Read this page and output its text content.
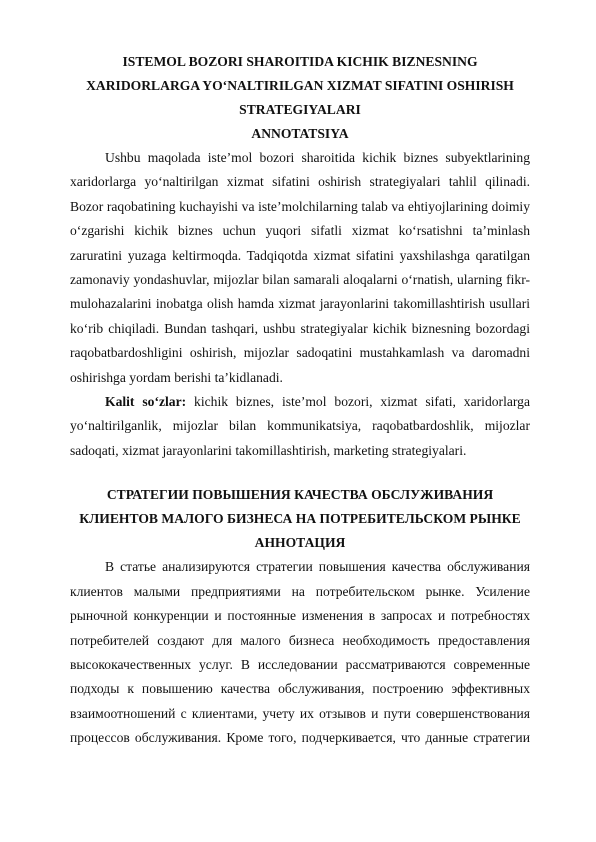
ISTEMOL BOZORI SHAROITIDA KICHIK BIZNESNING
XARIDORLARGA YO‘NALTIRILGAN XIZMAT SIFATINI OSHIRISH
STRATEGIYALARI
ANNOTATSIYA
Ushbu maqolada iste’mol bozori sharoitida kichik biznes subyektlarining
xaridorlarga yo‘naltirilgan xizmat sifatini oshirish strategiyalari tahlil qilinadi.
Bozor raqobatining kuchayishi va iste’molchilarning talab va ehtiyojlarining doimiy
o‘zgarishi kichik biznes uchun yuqori sifatli xizmat ko‘rsatishni ta’minlash
zaruratini yuzaga keltirmoqda. Tadqiqotda xizmat sifatini yaxshilashga qaratilgan
zamonaviy yondashuvlar, mijozlar bilan samarali aloqalarni o‘rnatish, ularning fikr-
mulohazalarini inobatga olish hamda xizmat jarayonlarini takomillashtirish usullari
ko‘rib chiqiladi. Bundan tashqari, ushbu strategiyalar kichik biznesning bozordagi
raqobatbardoshligini oshirish, mijozlar sadoqatini mustahkamlash va daromadni
oshirishga yordam berishi ta’kidlanadi.
Kalit so‘zlar: kichik biznes, iste’mol bozori, xizmat sifati, xaridorlarga
yo‘naltirilganlik, mijozlar bilan kommunikatsiya, raqobatbardoshlik, mijozlar
sadoqati, xizmat jarayonlarini takomillashtirish, marketing strategiyalari.
СТРАТЕГИИ ПОВЫШЕНИЯ КАЧЕСТВА ОБСЛУЖИВАНИЯ
КЛИЕНТОВ МАЛОГО БИЗНЕСА НА ПОТРЕБИТЕЛЬСКОМ РЫНКЕ
АННОТАЦИЯ
В статье анализируются стратегии повышения качества обслуживания
клиентов малыми предприятиями на потребительском рынке. Усиление
рыночной конкуренции и постоянные изменения в запросах и потребностях
потребителей создают для малого бизнеса необходимость предоставления
высококачественных услуг. В исследовании рассматриваются современные
подходы к повышению качества обслуживания, построению эффективных
взаимоотношений с клиентами, учету их отзывов и пути совершенствования
процессов обслуживания. Кроме того, подчеркивается, что данные стратегии
